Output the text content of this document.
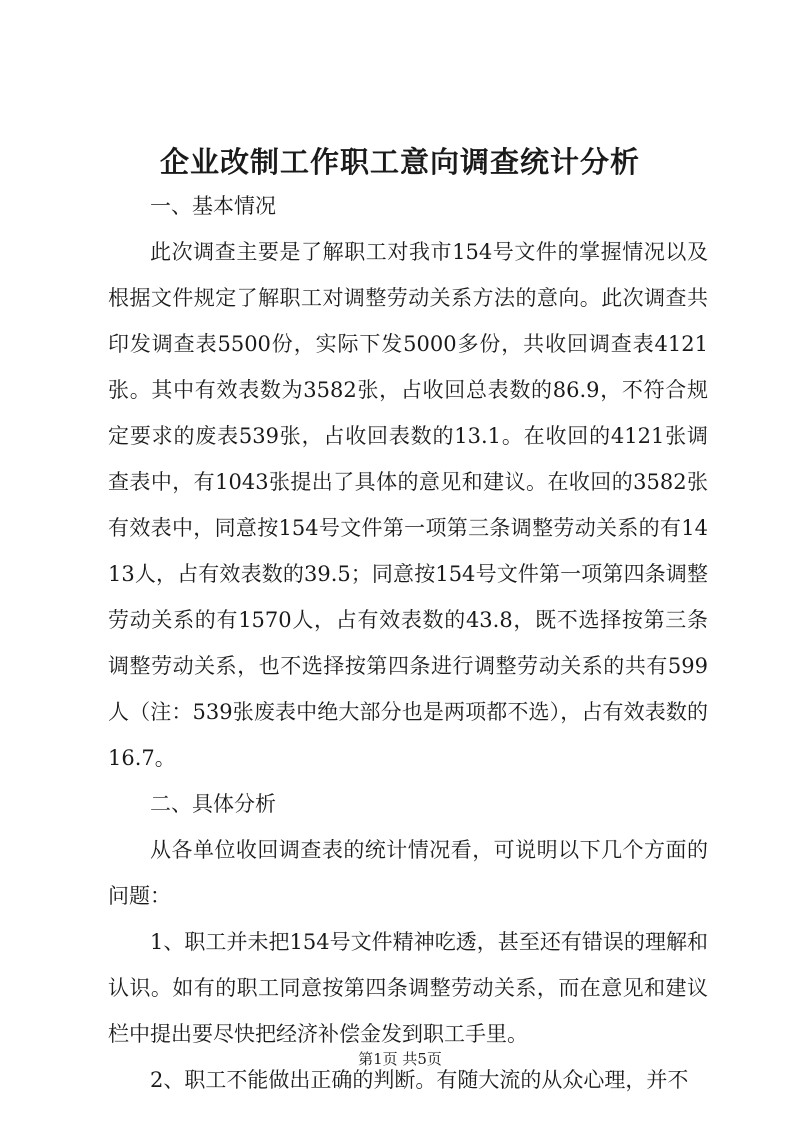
企业改制工作职工意向调查统计分析

一、基本情况

此次调查主要是了解职工对我市154号文件的掌握情况以及根据文件规定了解职工对调整劳动关系方法的意向。此次调查共印发调查表5500份，实际下发5000多份，共收回调查表4121张。其中有效表数为3582张，占收回总表数的86.9，不符合规定要求的废表539张，占收回表数的13.1。在收回的4121张调查表中，有1043张提出了具体的意见和建议。在收回的3582张有效表中，同意按154号文件第一项第三条调整劳动关系的有1413人，占有效表数的39.5；同意按154号文件第一项第四条调整劳动关系的有1570人，占有效表数的43.8，既不选择按第三条调整劳动关系，也不选择按第四条进行调整劳动关系的共有599人（注：539张废表中绝大部分也是两项都不选），占有效表数的16.7。

二、具体分析

从各单位收回调查表的统计情况看，可说明以下几个方面的问题：

1、职工并未把154号文件精神吃透，甚至还有错误的理解和认识。如有的职工同意按第四条调整劳动关系，而在意见和建议栏中提出要尽快把经济补偿金发到职工手里。

2、职工不能做出正确的判断。有随大流的从众心理，并不

第1页 共5页
